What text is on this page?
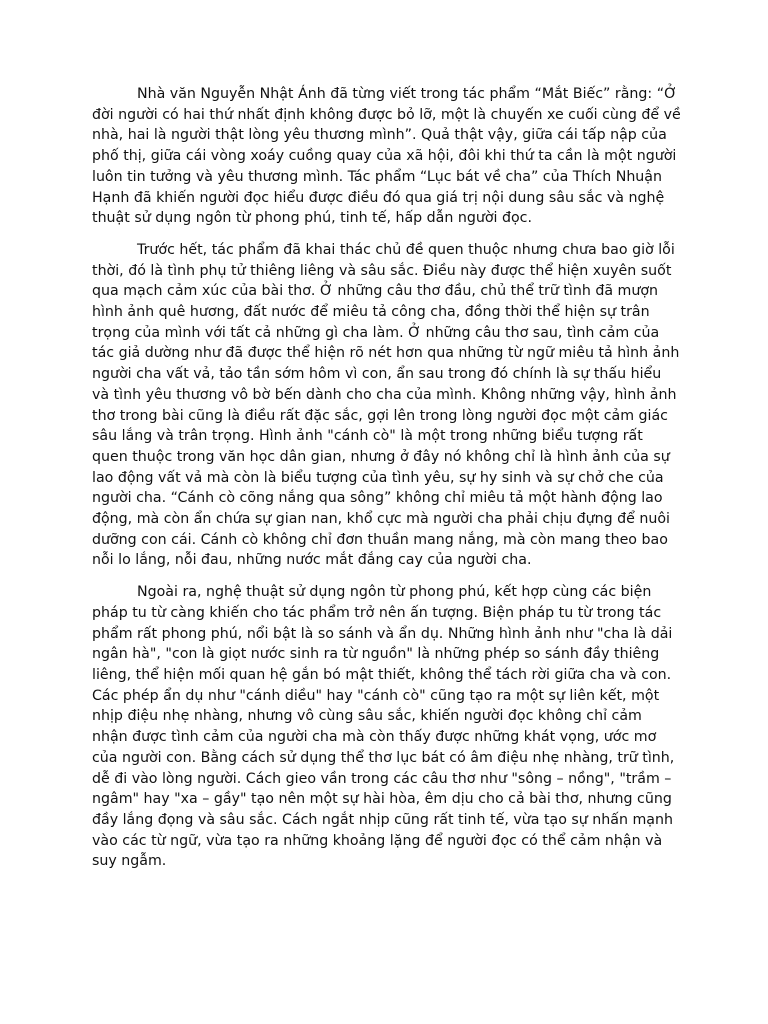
Nhà văn Nguyễn Nhật Ánh đã từng viết trong tác phẩm “Mắt Biếc” rằng: “Ở đời người có hai thứ nhất định không được bỏ lỡ, một là chuyến xe cuối cùng để về nhà, hai là người thật lòng yêu thương mình”. Quả thật vậy, giữa cái tấp nập của phố thị, giữa cái vòng xoáy cuồng quay của xã hội, đôi khi thứ ta cần là một người luôn tin tưởng và yêu thương mình. Tác phẩm “Lục bát về cha” của Thích Nhuận Hạnh đã khiến người đọc hiểu được điều đó qua giá trị nội dung sâu sắc và nghệ thuật sử dụng ngôn từ phong phú, tinh tế, hấp dẫn người đọc.

Trước hết, tác phẩm đã khai thác chủ đề quen thuộc nhưng chưa bao giờ lỗi thời, đó là tình phụ tử thiêng liêng và sâu sắc. Điều này được thể hiện xuyên suốt qua mạch cảm xúc của bài thơ. Ở những câu thơ đầu, chủ thể trữ tình đã mượn hình ảnh quê hương, đất nước để miêu tả công cha, đồng thời thể hiện sự trân trọng của mình với tất cả những gì cha làm. Ở những câu thơ sau, tình cảm của tác giả dường như đã được thể hiện rõ nét hơn qua những từ ngữ miêu tả hình ảnh người cha vất vả, tảo tần sớm hôm vì con, ẩn sau trong đó chính là sự thấu hiểu và tình yêu thương vô bờ bến dành cho cha của mình. Không những vậy, hình ảnh thơ trong bài cũng là điều rất đặc sắc, gợi lên trong lòng người đọc một cảm giác sâu lắng và trân trọng. Hình ảnh "cánh cò" là một trong những biểu tượng rất quen thuộc trong văn học dân gian, nhưng ở đây nó không chỉ là hình ảnh của sự lao động vất vả mà còn là biểu tượng của tình yêu, sự hy sinh và sự chở che của người cha. “Cánh cò cõng nắng qua sông” không chỉ miêu tả một hành động lao động, mà còn ẩn chứa sự gian nan, khổ cực mà người cha phải chịu đựng để nuôi dưỡng con cái. Cánh cò không chỉ đơn thuần mang nắng, mà còn mang theo bao nỗi lo lắng, nỗi đau, những nước mắt đắng cay của người cha.

Ngoài ra, nghệ thuật sử dụng ngôn từ phong phú, kết hợp cùng các biện pháp tu từ càng khiến cho tác phẩm trở nên ấn tượng. Biện pháp tu từ trong tác phẩm rất phong phú, nổi bật là so sánh và ẩn dụ. Những hình ảnh như "cha là dải ngân hà", "con là giọt nước sinh ra từ nguồn" là những phép so sánh đầy thiêng liêng, thể hiện mối quan hệ gắn bó mật thiết, không thể tách rời giữa cha và con. Các phép ẩn dụ như "cánh diều" hay "cánh cò" cũng tạo ra một sự liên kết, một nhịp điệu nhẹ nhàng, nhưng vô cùng sâu sắc, khiến người đọc không chỉ cảm nhận được tình cảm của người cha mà còn thấy được những khát vọng, ước mơ của người con. Bằng cách sử dụng thể thơ lục bát có âm điệu nhẹ nhàng, trữ tình, dễ đi vào lòng người. Cách gieo vần trong các câu thơ như "sông – nồng", "trầm – ngâm" hay "xa – gầy" tạo nên một sự hài hòa, êm dịu cho cả bài thơ, nhưng cũng đầy lắng đọng và sâu sắc. Cách ngắt nhịp cũng rất tinh tế, vừa tạo sự nhấn mạnh vào các từ ngữ, vừa tạo ra những khoảng lặng để người đọc có thể cảm nhận và suy ngẫm.
